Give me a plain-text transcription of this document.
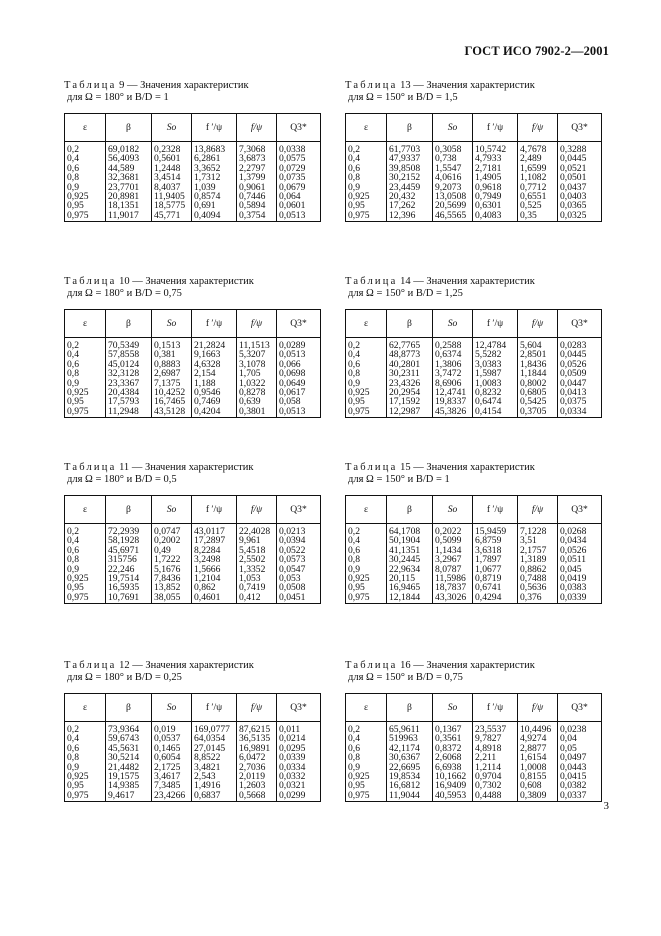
ГОСТ ИСО 7902-2—2001
Таблица 9 — Значения характеристик
для Ω = 180° и B/D = 1
ε	β	So	f ′/ψ	f/ψ	Q3*
0,2	69,0182	0,2328	13,8683	7,3068	0,0338
0,4	56,4093	0,5601	6,2861	3,6873	0,0575
0,6	44,589	1,2448	3,3652	2,2797	0,0729
0,8	32,3681	3,4514	1,7312	1,3799	0,0735
0,9	23,7701	8,4037	1,039	0,9061	0,0679
0,925	20,8981	11,9405	0,8574	0,7446	0,064
0,95	18,1351	18,5775	0,691	0,5894	0,0601
0,975	11,9017	45,771	0,4094	0,3754	0,0513
Таблица 13 — Значения характеристик
для Ω = 150° и B/D = 1,5
ε	β	So	f ′/ψ	f/ψ	Q3*
0,2	61,7703	0,3058	10,5742	4,7678	0,3288
0,4	47,9337	0,738	4,7933	2,489	0,0445
0,6	39,8508	1,5547	2,7181	1,6599	0,0521
0,8	30,2152	4,0616	1,4905	1,1082	0,0501
0,9	23,4459	9,2073	0,9618	0,7712	0,0437
0,925	20,432	13,0508	0,7949	0,6551	0,0403
0,95	17,262	20,5699	0,6301	0,525	0,0365
0,975	12,396	46,5565	0,4083	0,35	0,0325
Таблица 10 — Значения характеристик
для Ω = 180° и B/D = 0,75
ε	β	So	f ′/ψ	f/ψ	Q3*
0,2	70,5349	0,1513	21,2824	11,1513	0,0289
0,4	57,8558	0,381	9,1663	5,3207	0,0513
0,6	45,0124	0,8883	4,6328	3,1078	0,066
0,8	32,3128	2,6987	2,154	1,705	0,0698
0,9	23,3367	7,1375	1,188	1,0322	0,0649
0,925	20,4384	10,4252	0,9546	0,8278	0,0617
0,95	17,5793	16,7465	0,7469	0,639	0,058
0,975	11,2948	43,5128	0,4204	0,3801	0,0513
Таблица 14 — Значения характеристик
для Ω = 150° и B/D = 1,25
ε	β	So	f ′/ψ	f/ψ	Q3*
0,2	62,7765	0,2588	12,4784	5,604	0,0283
0,4	48,8773	0,6374	5,5282	2,8501	0,0445
0,6	40,2801	1,3806	3,0383	1,8436	0,0526
0,8	30,2311	3,7472	1,5987	1,1844	0,0509
0,9	23,4326	8,6906	1,0083	0,8002	0,0447
0,925	20,2954	12,4741	0,8232	0,6805	0,0413
0,95	17,1592	19,8337	0,6474	0,5425	0,0375
0,975	12,2987	45,3826	0,4154	0,3705	0,0334
Таблица 11 — Значения характеристик
для Ω = 180° и B/D = 0,5
ε	β	So	f ′/ψ	f/ψ	Q3*
0,2	72,2939	0,0747	43,0117	22,4028	0,0213
0,4	58,1928	0,2002	17,2897	9,961	0,0394
0,6	45,6971	0,49	8,2284	5,4518	0,0522
0,8	315756	1,7222	3,2498	2,5502	0,0573
0,9	22,246	5,1676	1,5666	1,3352	0,0547
0,925	19,7514	7,8436	1,2104	1,053	0,053
0,95	16,5935	13,852	0,862	0,7419	0,0508
0,975	10,7691	38,055	0,4601	0,412	0,0451
Таблица 15 — Значения характеристик
для Ω = 150° и B/D = 1
ε	β	So	f ′/ψ	f/ψ	Q3*
0,2	64,1708	0,2022	15,9459	7,1228	0,0268
0,4	50,1904	0,5099	6,8759	3,51	0,0434
0,6	41,1351	1,1434	3,6318	2,1757	0,0526
0,8	30,2445	3,2967	1,7897	1,3189	0,0511
0,9	22,9634	8,0787	1,0677	0,8862	0,045
0,925	20,115	11,5986	0,8719	0,7488	0,0419
0,95	16,9465	18,7837	0,6741	0,5636	0,0383
0,975	12,1844	43,3026	0,4294	0,376	0,0339
Таблица 12 — Значения характеристик
для Ω = 180° и B/D = 0,25
ε	β	So	f ′/ψ	f/ψ	Q3*
0,2	73,9364	0,019	169,0777	87,6215	0,011
0,4	59,6743	0,0537	64,0354	36,5135	0,0214
0,6	45,5631	0,1465	27,0145	16,9891	0,0295
0,8	30,5214	0,6054	8,8522	6,0472	0,0339
0,9	21,4482	2,1725	3,4821	2,7036	0,0334
0,925	19,1575	3,4617	2,543	2,0119	0,0332
0,95	14,9385	7,3485	1,4916	1,2603	0,0321
0,975	9,4617	23,4266	0,6837	0,5668	0,0299
Таблица 16 — Значения характеристик
для Ω = 150° и B/D = 0,75
ε	β	So	f ′/ψ	f/ψ	Q3*
0,2	65,9611	0,1367	23,5537	10,4496	0,0238
0,4	519963	0,3561	9,7827	4,9274	0,04
0,6	42,1174	0,8372	4,8918	2,8877	0,05
0,8	30,6367	2,6068	2,211	1,6154	0,0497
0,9	22,6695	6,6938	1,2114	1,0008	0,0443
0,925	19,8534	10,1662	0,9704	0,8155	0,0415
0,95	16,6812	16,9409	0,7302	0,608	0,0382
0,975	11,9044	40,5953	0,4488	0,3809	0,0337
3
